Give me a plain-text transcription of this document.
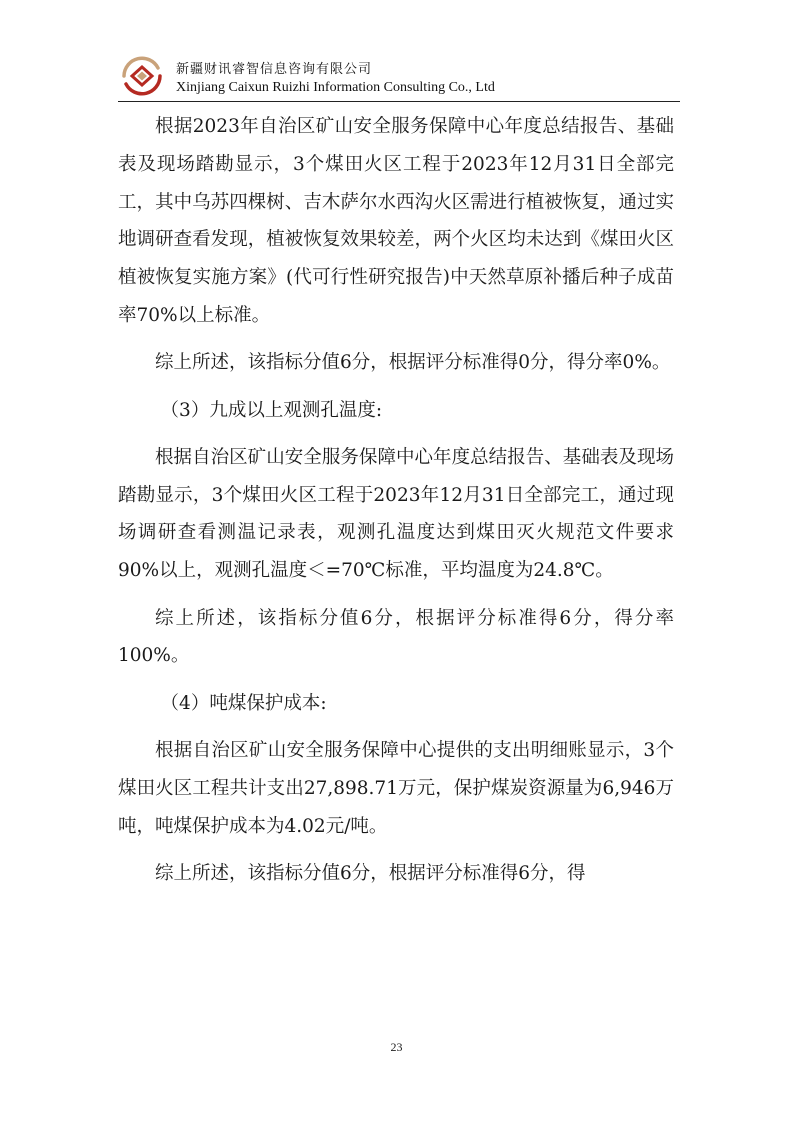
新疆财讯睿智信息咨询有限公司
Xinjiang Caixun Ruizhi Information Consulting Co., Ltd

根据2023年自治区矿山安全服务保障中心年度总结报告、基础表及现场踏勘显示，3个煤田火区工程于2023年12月31日全部完工，其中乌苏四棵树、吉木萨尔水西沟火区需进行植被恢复，通过实地调研查看发现，植被恢复效果较差，两个火区均未达到《煤田火区植被恢复实施方案》(代可行性研究报告)中天然草原补播后种子成苗率70%以上标准。

综上所述，该指标分值6分，根据评分标准得0分，得分率0%。

（3）九成以上观测孔温度:

根据自治区矿山安全服务保障中心年度总结报告、基础表及现场踏勘显示，3个煤田火区工程于2023年12月31日全部完工，通过现场调研查看测温记录表，观测孔温度达到煤田灭火规范文件要求90%以上，观测孔温度＜=70℃标准，平均温度为24.8℃。

综上所述，该指标分值6分，根据评分标准得6分，得分率100%。

（4）吨煤保护成本:

根据自治区矿山安全服务保障中心提供的支出明细账显示，3个煤田火区工程共计支出27,898.71万元，保护煤炭资源量为6,946万吨，吨煤保护成本为4.02元/吨。

综上所述，该指标分值6分，根据评分标准得6分，得

23
